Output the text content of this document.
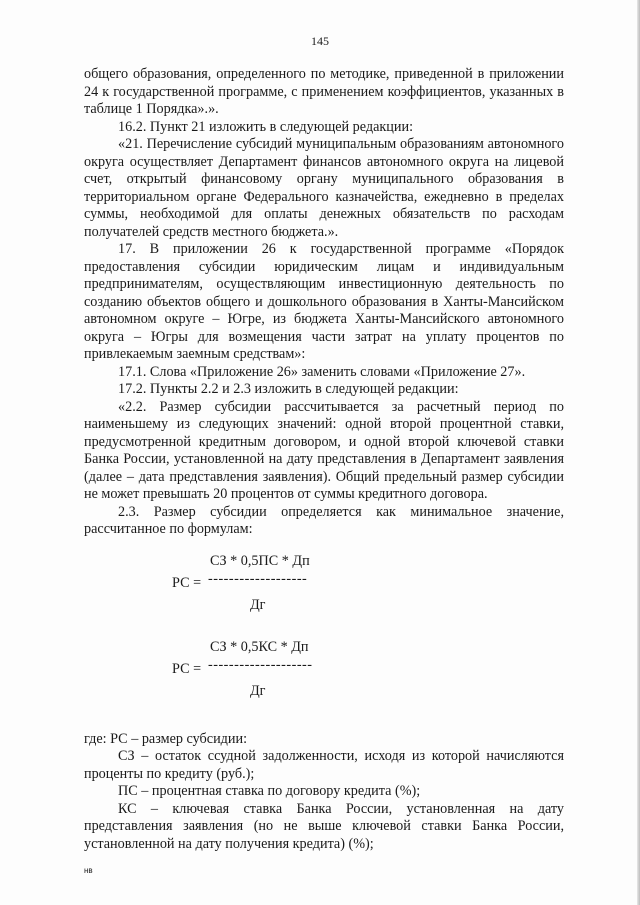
145

общего образования, определенного по методике, приведенной в приложении 24 к государственной программе, с применением коэффициентов, указанных в таблице 1 Порядка».».

16.2. Пункт 21 изложить в следующей редакции:

«21. Перечисление субсидий муниципальным образованиям автономного округа осуществляет Департамент финансов автономного округа на лицевой счет, открытый финансовому органу муниципального образования в территориальном органе Федерального казначейства, ежедневно в пределах суммы, необходимой для оплаты денежных обязательств по расходам получателей средств местного бюджета.».

17. В приложении 26 к государственной программе «Порядок предоставления субсидии юридическим лицам и индивидуальным предпринимателям, осуществляющим инвестиционную деятельность по созданию объектов общего и дошкольного образования в Ханты-Мансийском автономном округе – Югре, из бюджета Ханты-Мансийского автономного округа – Югры для возмещения части затрат на уплату процентов по привлекаемым заемным средствам»:

17.1. Слова «Приложение 26» заменить словами «Приложение 27».

17.2. Пункты 2.2 и 2.3 изложить в следующей редакции:

«2.2. Размер субсидии рассчитывается за расчетный период по наименьшему из следующих значений: одной второй процентной ставки, предусмотренной кредитным договором, и одной второй ключевой ставки Банка России, установленной на дату представления в Департамент заявления (далее – дата представления заявления). Общий предельный размер субсидии не может превышать 20 процентов от суммы кредитного договора.

2.3. Размер субсидии определяется как минимальное значение, рассчитанное по формулам:

СЗ * 0,5ПС * Дп
РС = -------------------
Дг
СЗ * 0,5КС * Дп
РС = --------------------
Дг

где: РС – размер субсидии:

СЗ – остаток ссудной задолженности, исходя из которой начисляются проценты по кредиту (руб.);

ПС – процентная ставка по договору кредита (%);

КС – ключевая ставка Банка России, установленная на дату представления заявления (но не выше ключевой ставки Банка России, установленной на дату получения кредита) (%);

нв
